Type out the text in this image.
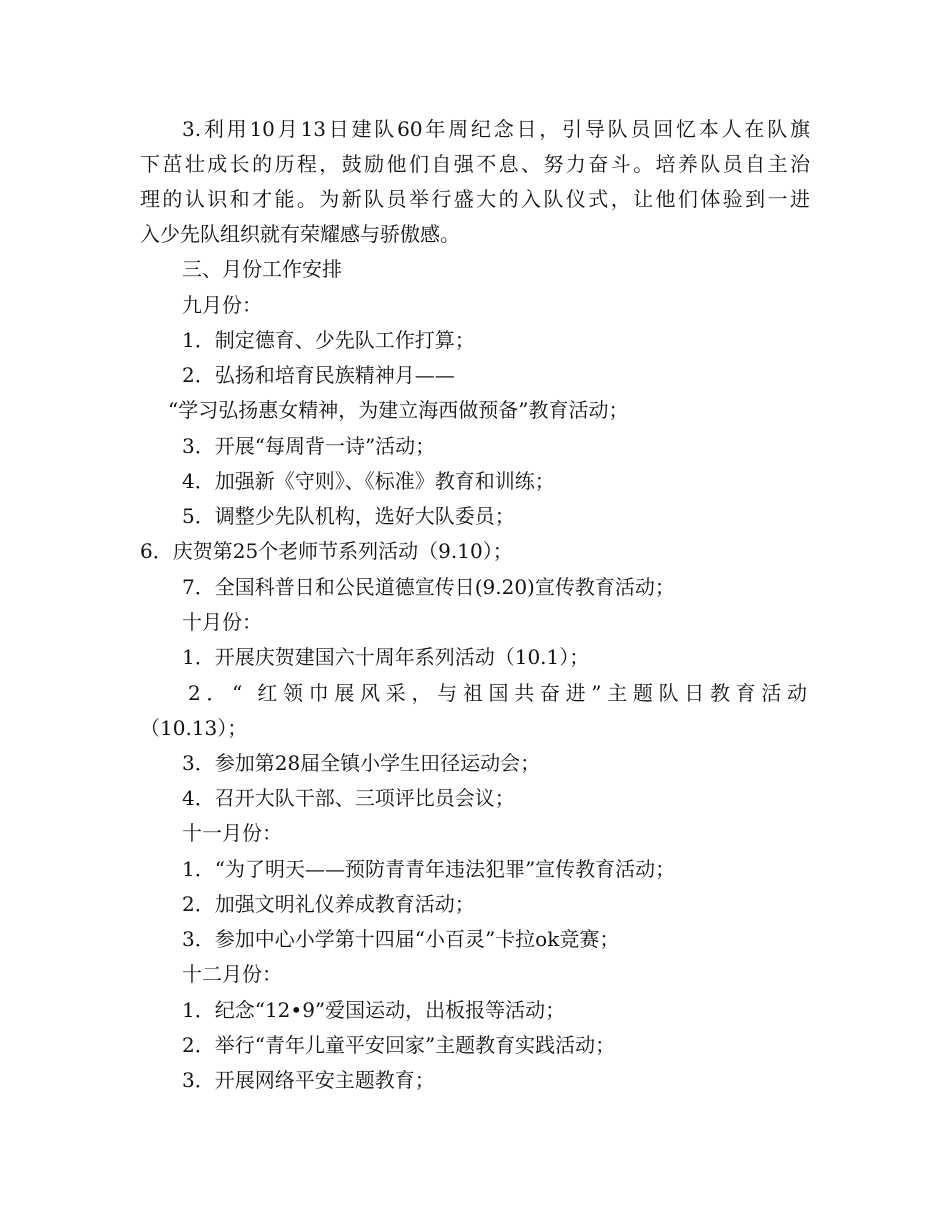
3.利用10月13日建队60年周纪念日，引导队员回忆本人在队旗
下茁壮成长的历程，鼓励他们自强不息、努力奋斗。培养队员自主治
理的认识和才能。为新队员举行盛大的入队仪式，让他们体验到一进
入少先队组织就有荣耀感与骄傲感。
三、月份工作安排
九月份：
1．制定德育、少先队工作打算；
2．弘扬和培育民族精神月——
“学习弘扬惠女精神，为建立海西做预备”教育活动；
3．开展“每周背一诗”活动；
4．加强新《守则》、《标准》教育和训练；
5．调整少先队机构，选好大队委员；
6．庆贺第25个老师节系列活动（9.10）；
7．全国科普日和公民道德宣传日(9.20)宣传教育活动；
十月份：
1．开展庆贺建国六十周年系列活动（10.1）；
2．“ 红领巾展风采，与祖国共奋进”主题队日教育活动
（10.13）；
3．参加第28届全镇小学生田径运动会；
4．召开大队干部、三项评比员会议；
十一月份：
1．“为了明天——预防青青年违法犯罪”宣传教育活动；
2．加强文明礼仪养成教育活动；
3．参加中心小学第十四届“小百灵”卡拉ok竞赛；
十二月份：
1．纪念“12•9”爱国运动，出板报等活动；
2．举行“青年儿童平安回家”主题教育实践活动；
3．开展网络平安主题教育；
